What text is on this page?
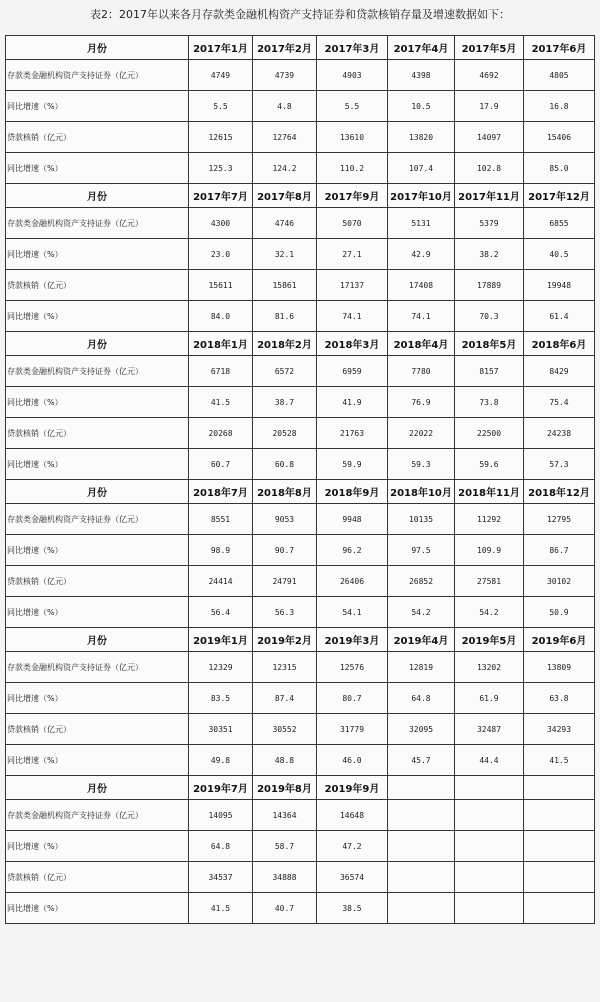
表2：2017年以来各月存款类金融机构资产支持证券和贷款核销存量及增速数据如下：
月份	2017年1月	2017年2月	2017年3月	2017年4月	2017年5月	2017年6月
存款类金融机构资产支持证券（亿元）	4749	4739	4903	4398	4692	4805
同比增速（%）	5.5	4.8	5.5	10.5	17.9	16.8
贷款核销（亿元）	12615	12764	13610	13820	14097	15406
同比增速（%）	125.3	124.2	110.2	107.4	102.8	85.0
月份	2017年7月	2017年8月	2017年9月	2017年10月	2017年11月	2017年12月
存款类金融机构资产支持证券（亿元）	4300	4746	5070	5131	5379	6855
同比增速（%）	23.0	32.1	27.1	42.9	38.2	40.5
贷款核销（亿元）	15611	15861	17137	17408	17889	19948
同比增速（%）	84.0	81.6	74.1	74.1	70.3	61.4
月份	2018年1月	2018年2月	2018年3月	2018年4月	2018年5月	2018年6月
存款类金融机构资产支持证券（亿元）	6718	6572	6959	7780	8157	8429
同比增速（%）	41.5	38.7	41.9	76.9	73.8	75.4
贷款核销（亿元）	20268	20528	21763	22022	22500	24238
同比增速（%）	60.7	60.8	59.9	59.3	59.6	57.3
月份	2018年7月	2018年8月	2018年9月	2018年10月	2018年11月	2018年12月
存款类金融机构资产支持证券（亿元）	8551	9053	9948	10135	11292	12795
同比增速（%）	98.9	90.7	96.2	97.5	109.9	86.7
贷款核销（亿元）	24414	24791	26406	26852	27581	30102
同比增速（%）	56.4	56.3	54.1	54.2	54.2	50.9
月份	2019年1月	2019年2月	2019年3月	2019年4月	2019年5月	2019年6月
存款类金融机构资产支持证券（亿元）	12329	12315	12576	12819	13202	13809
同比增速（%）	83.5	87.4	80.7	64.8	61.9	63.8
贷款核销（亿元）	30351	30552	31779	32095	32487	34293
同比增速（%）	49.8	48.8	46.0	45.7	44.4	41.5
月份	2019年7月	2019年8月	2019年9月			
存款类金融机构资产支持证券（亿元）	14095	14364	14648			
同比增速（%）	64.8	58.7	47.2			
贷款核销（亿元）	34537	34888	36574			
同比增速（%）	41.5	40.7	38.5			
